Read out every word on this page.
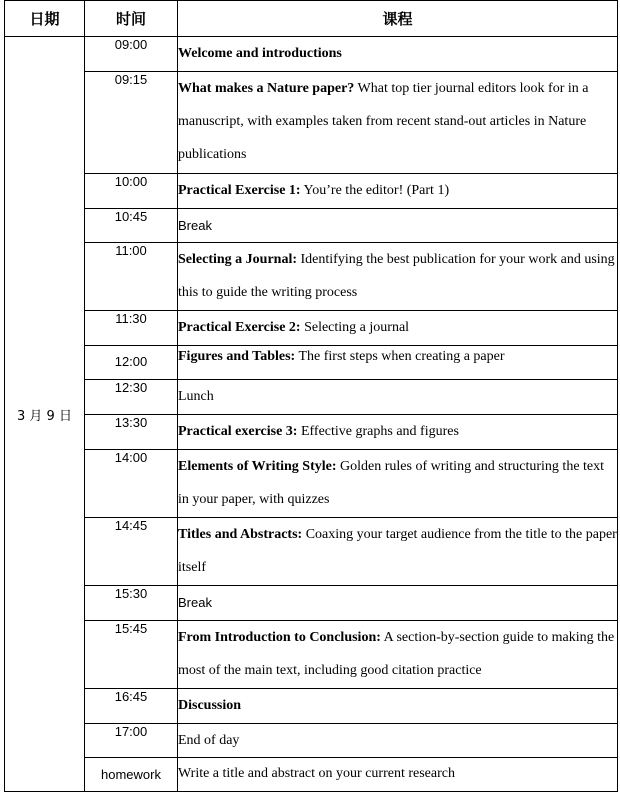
日期	时间	课程
3 月 9 日	09:00	Welcome and introductions
	09:15	What makes a Nature paper? What top tier journal editors look for in a manuscript, with examples taken from recent stand-out articles in Nature publications
	10:00	Practical Exercise 1: You’re the editor! (Part 1)
	10:45	Break
	11:00	Selecting a Journal: Identifying the best publication for your work and using this to guide the writing process
	11:30	Practical Exercise 2: Selecting a journal
	12:00	Figures and Tables: The first steps when creating a paper
	12:30	Lunch
	13:30	Practical exercise 3: Effective graphs and figures
	14:00	Elements of Writing Style: Golden rules of writing and structuring the text in your paper, with quizzes
	14:45	Titles and Abstracts: Coaxing your target audience from the title to the paper itself
	15:30	Break
	15:45	From Introduction to Conclusion: A section-by-section guide to making the most of the main text, including good citation practice
	16:45	Discussion
	17:00	End of day
	homework	Write a title and abstract on your current research
